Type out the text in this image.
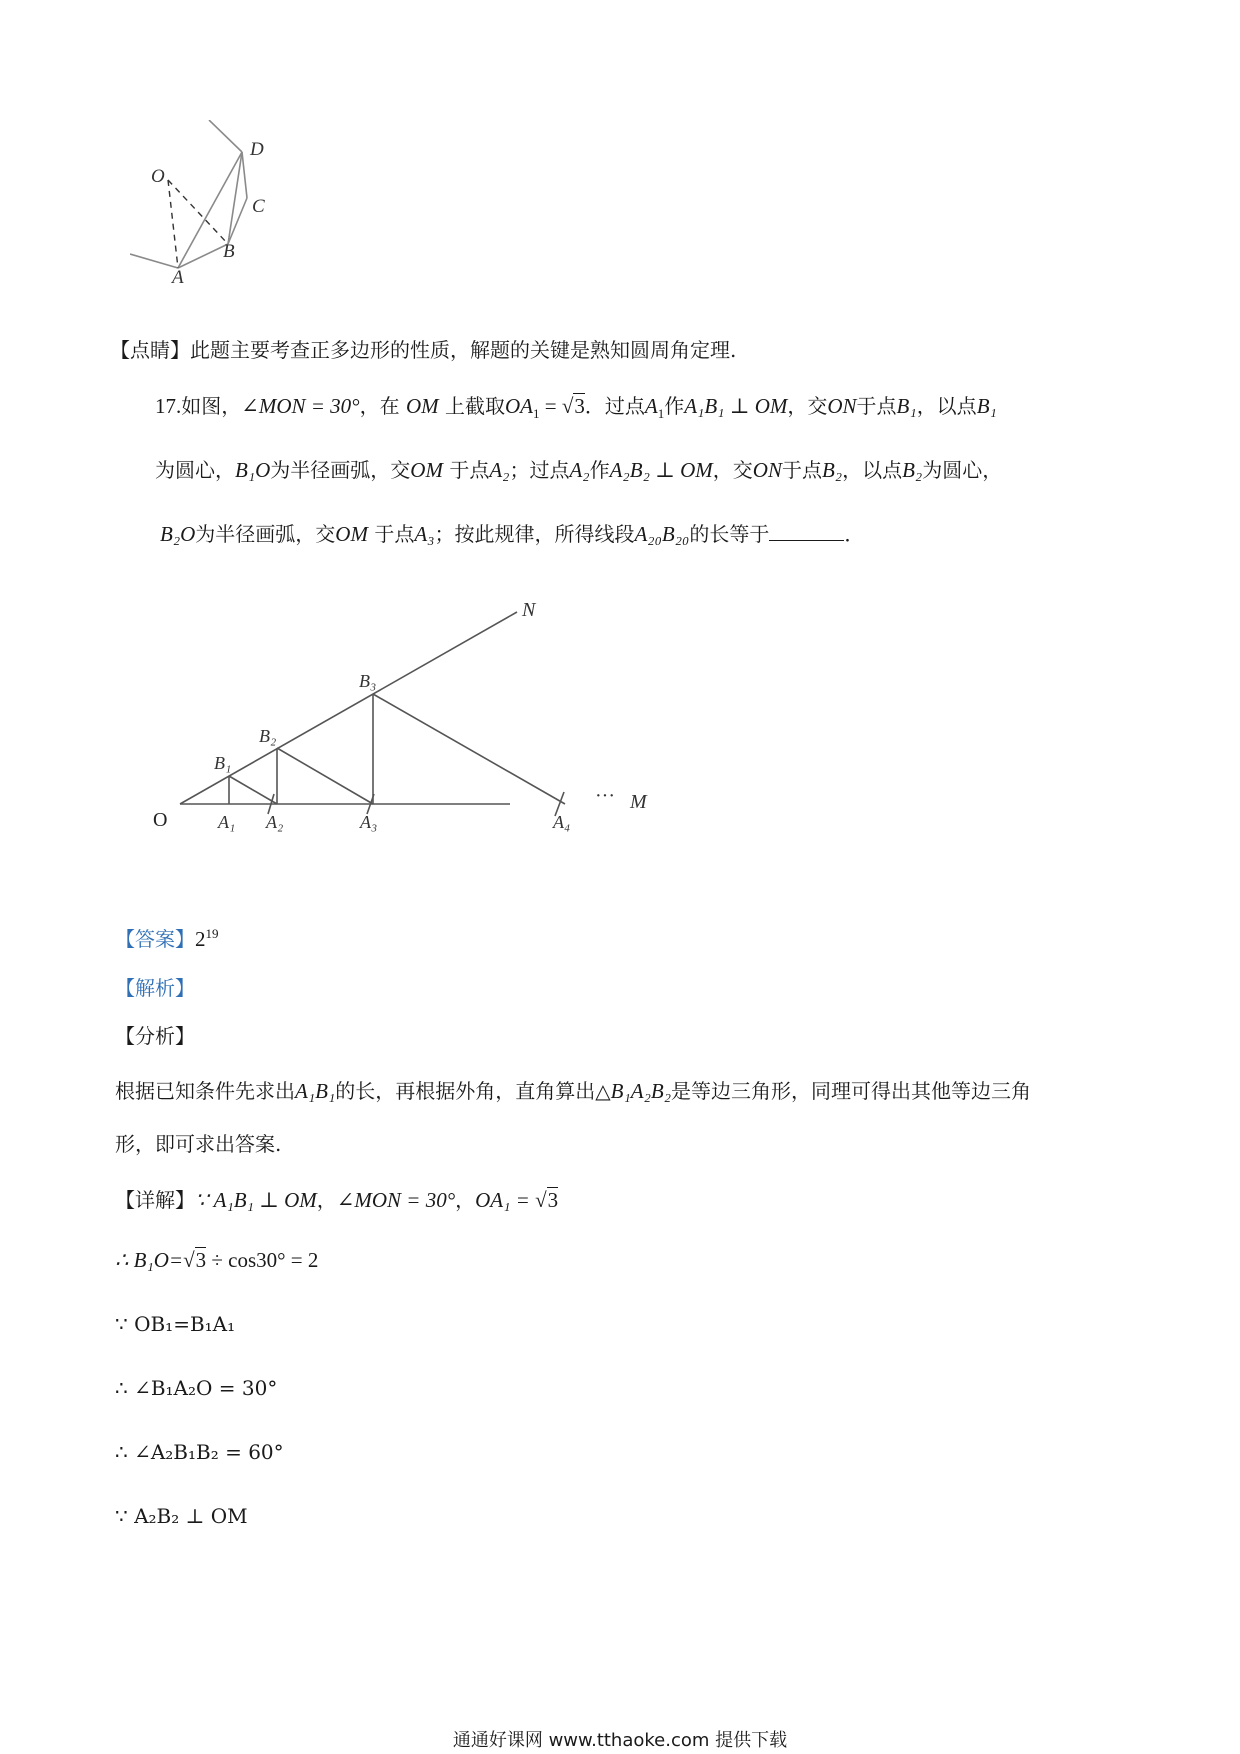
O
D
C
B
A
【点睛】此题主要考查正多边形的性质，解题的关键是熟知圆周角定理.
17.如图，∠MON = 30°，在 OM 上截取$OA_1 = √3$．过点$A_1$作A₁B₁ ⊥ OM，交ON于点B₁，以点B₁
为圆心，B₁O为半径画弧，交OM 于点A₂；过点A₂作A₂B₂ ⊥ OM，交ON于点B₂，以点B₂为圆心，
B₂O为半径画弧，交OM 于点A₃；按此规律，所得线段A₂₀B₂₀的长等于	．
N
··· M
O
B₁
B₂
B₃
A₁ A₂	A₃	A₄
【答案】$2^{19}$
【解析】
【分析】
根据已知条件先求出A₁B₁的长，再根据外角，直角算出△B₁A₂B₂是等边三角形，同理可得出其他等边三角
形，即可求出答案.
【详解】∵ A₁B₁ ⊥ OM，∠MON = 30°，OA₁ = √3
∴ B₁O=√3 ÷ cos30° = 2
∵ OB₁=B₁A₁
∴ ∠B₁A₂O = 30°
∴ ∠A₂B₁B₂ = 60°
∵ A₂B₂ ⊥ OM
通通好课网 www.tthaoke.com 提供下载
